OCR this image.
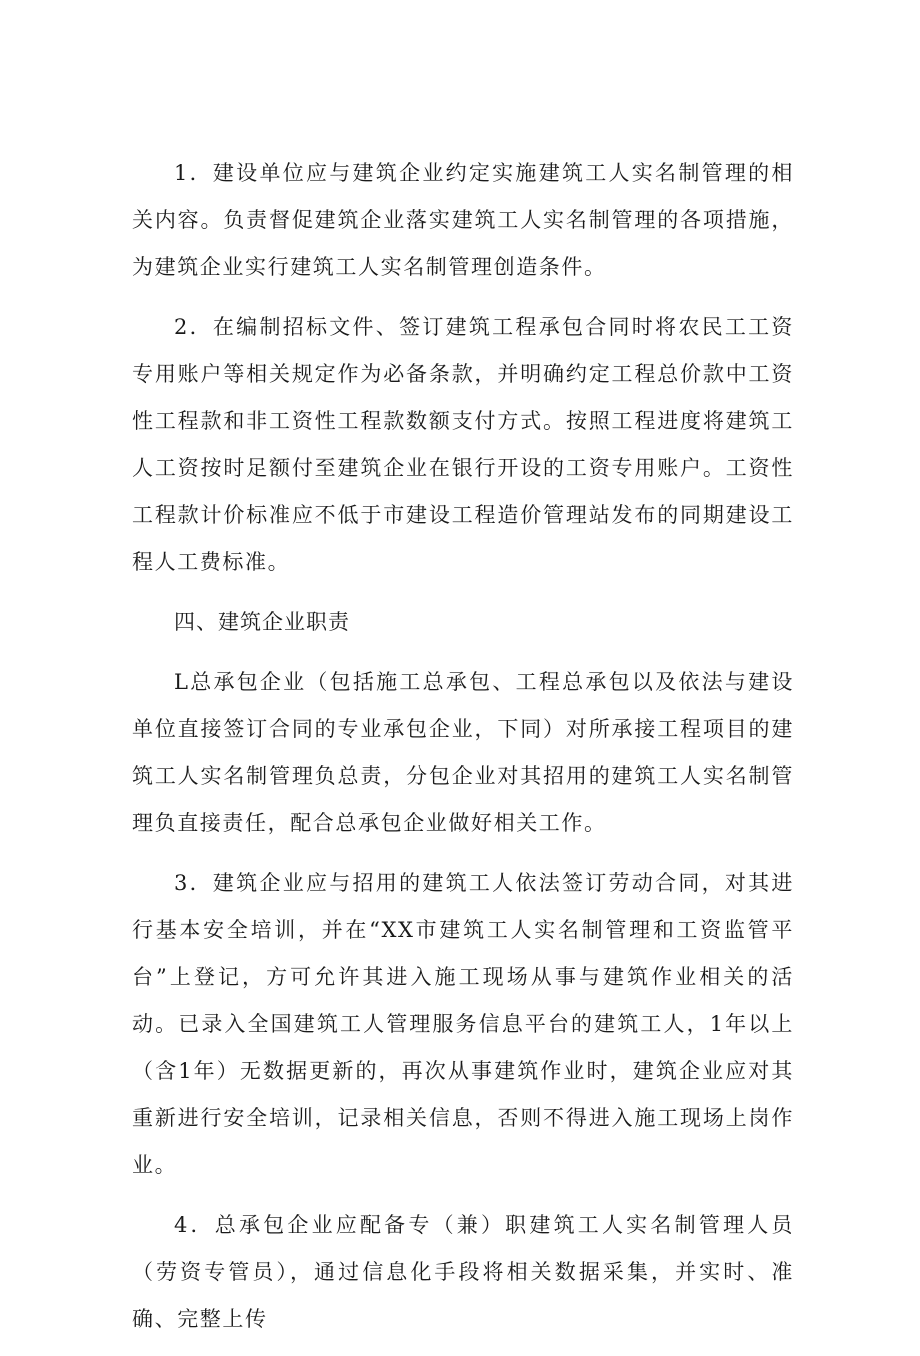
1．建设单位应与建筑企业约定实施建筑工人实名制管理的相关内容。负责督促建筑企业落实建筑工人实名制管理的各项措施，为建筑企业实行建筑工人实名制管理创造条件。

2．在编制招标文件、签订建筑工程承包合同时将农民工工资专用账户等相关规定作为必备条款，并明确约定工程总价款中工资性工程款和非工资性工程款数额支付方式。按照工程进度将建筑工人工资按时足额付至建筑企业在银行开设的工资专用账户。工资性工程款计价标准应不低于市建设工程造价管理站发布的同期建设工程人工费标准。

四、建筑企业职责

L总承包企业（包括施工总承包、工程总承包以及依法与建设单位直接签订合同的专业承包企业，下同）对所承接工程项目的建筑工人实名制管理负总责，分包企业对其招用的建筑工人实名制管理负直接责任，配合总承包企业做好相关工作。

3．建筑企业应与招用的建筑工人依法签订劳动合同，对其进行基本安全培训，并在“XX市建筑工人实名制管理和工资监管平台”上登记，方可允许其进入施工现场从事与建筑作业相关的活动。已录入全国建筑工人管理服务信息平台的建筑工人，1年以上（含1年）无数据更新的，再次从事建筑作业时，建筑企业应对其重新进行安全培训，记录相关信息，否则不得进入施工现场上岗作业。

4．总承包企业应配备专（兼）职建筑工人实名制管理人员（劳资专管员），通过信息化手段将相关数据采集，并实时、准确、完整上传
